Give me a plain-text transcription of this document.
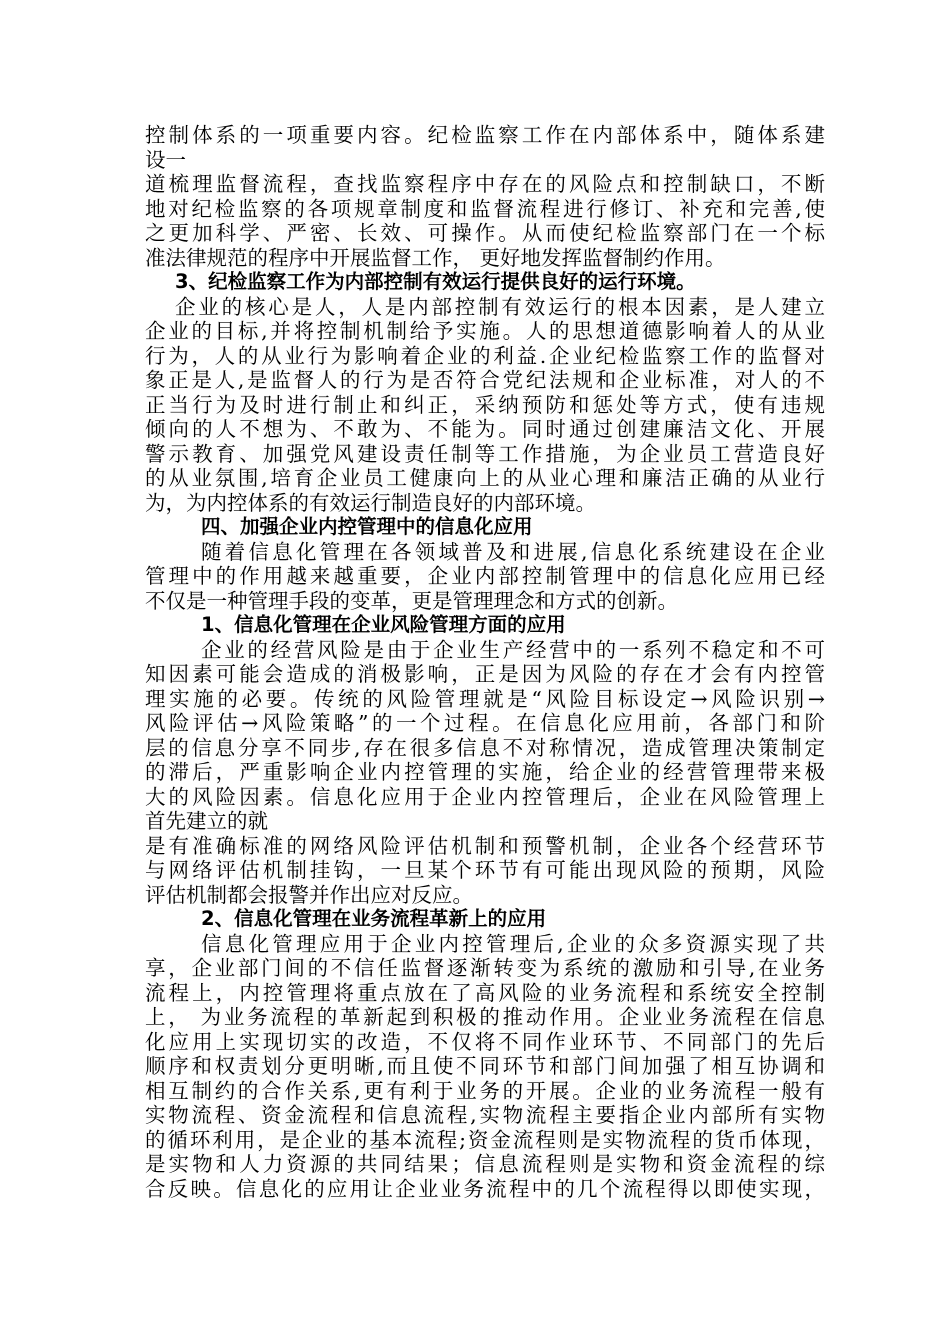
控制体系的一项重要内容。纪检监察工作在内部体系中，随体系建
设一
道梳理监督流程，查找监察程序中存在的风险点和控制缺口，不断
地对纪检监察的各项规章制度和监督流程进行修订、补充和完善,使
之更加科学、严密、长效、可操作。从而使纪检监察部门在一个标
准法律规范的程序中开展监督工作， 更好地发挥监督制约作用。
3、纪检监察工作为内部控制有效运行提供良好的运行环境。
企业的核心是人，人是内部控制有效运行的根本因素，是人建立
企业的目标,并将控制机制给予实施。人的思想道德影响着人的从业
行为，人的从业行为影响着企业的利益.企业纪检监察工作的监督对
象正是人,是监督人的行为是否符合党纪法规和企业标准，对人的不
正当行为及时进行制止和纠正，采纳预防和惩处等方式，使有违规
倾向的人不想为、不敢为、不能为。同时通过创建廉洁文化、开展
警示教育、加强党风建设责任制等工作措施，为企业员工营造良好
的从业氛围,培育企业员工健康向上的从业心理和廉洁正确的从业行
为，为内控体系的有效运行制造良好的内部环境。
四、加强企业内控管理中的信息化应用
随着信息化管理在各领域普及和进展,信息化系统建设在企业
管理中的作用越来越重要，企业内部控制管理中的信息化应用已经
不仅是一种管理手段的变革，更是管理理念和方式的创新。
1、信息化管理在企业风险管理方面的应用
企业的经营风险是由于企业生产经营中的一系列不稳定和不可
知因素可能会造成的消极影响，正是因为风险的存在才会有内控管
理实施的必要。传统的风险管理就是“风险目标设定→风险识别→
风险评估→风险策略”的一个过程。在信息化应用前，各部门和阶
层的信息分享不同步,存在很多信息不对称情况，造成管理决策制定
的滞后，严重影响企业内控管理的实施，给企业的经营管理带来极
大的风险因素。信息化应用于企业内控管理后，企业在风险管理上
首先建立的就
是有准确标准的网络风险评估机制和预警机制，企业各个经营环节
与网络评估机制挂钩，一旦某个环节有可能出现风险的预期，风险
评估机制都会报警并作出应对反应。
2、信息化管理在业务流程革新上的应用
信息化管理应用于企业内控管理后,企业的众多资源实现了共
享，企业部门间的不信任监督逐渐转变为系统的激励和引导,在业务
流程上，内控管理将重点放在了高风险的业务流程和系统安全控制
上， 为业务流程的革新起到积极的推动作用。企业业务流程在信息
化应用上实现切实的改造，不仅将不同作业环节、不同部门的先后
顺序和权责划分更明晰,而且使不同环节和部门间加强了相互协调和
相互制约的合作关系,更有利于业务的开展。企业的业务流程一般有
实物流程、资金流程和信息流程,实物流程主要指企业内部所有实物
的循环利用，是企业的基本流程;资金流程则是实物流程的货币体现，
是实物和人力资源的共同结果；信息流程则是实物和资金流程的综
合反映。信息化的应用让企业业务流程中的几个流程得以即使实现，
